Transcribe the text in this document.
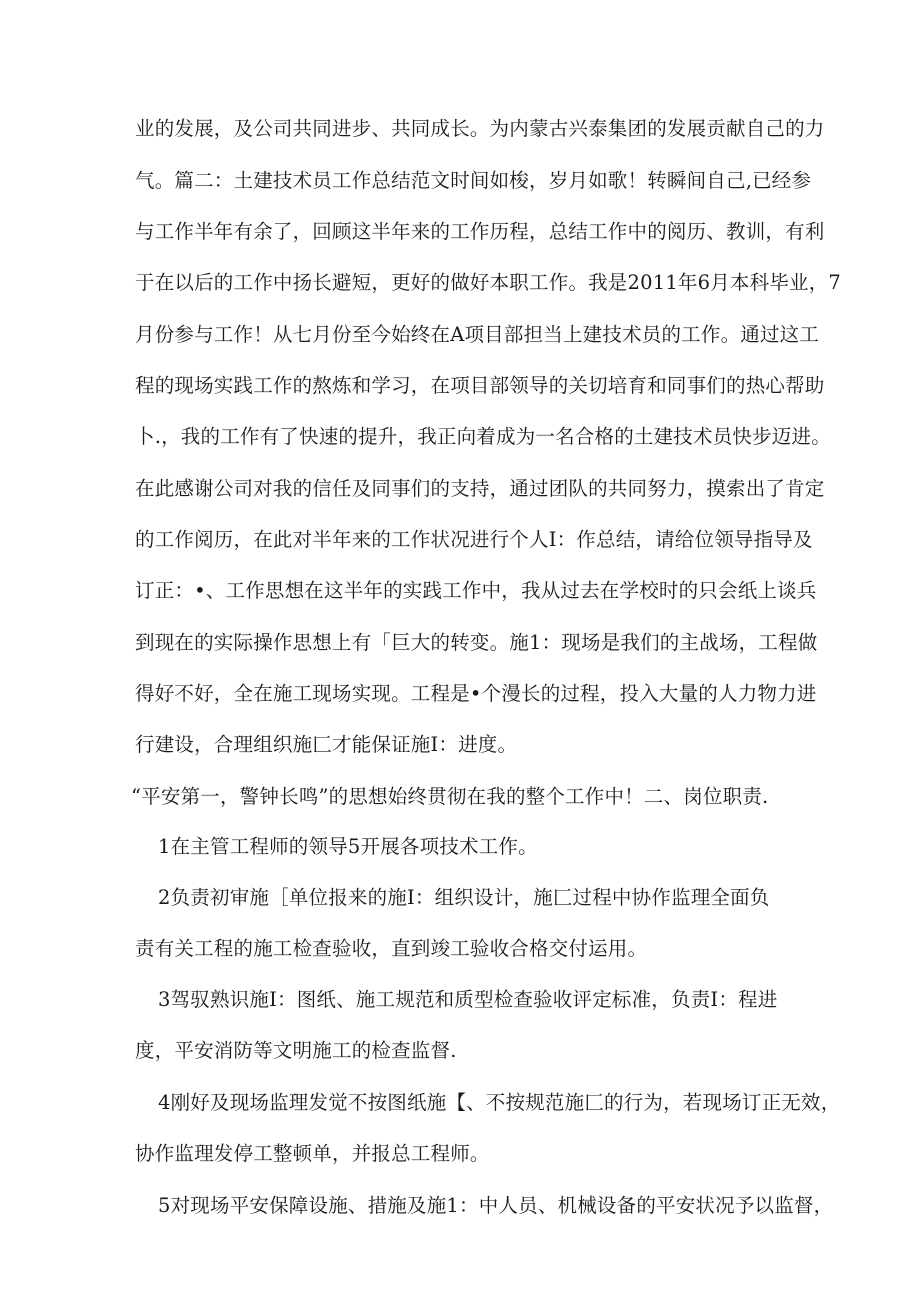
业的发展，及公司共同进步、共同成长。为内蒙古兴泰集团的发展贡献自己的力
气。篇二：土建技术员工作总结范文时间如梭，岁月如歌！转瞬间自己,已经参
与工作半年有余了，回顾这半年来的工作历程，总结工作中的阅历、教训，有利
于在以后的工作中扬长避短，更好的做好本职工作。我是2011年6月本科毕业，7
月份参与工作！从七月份至今始终在A项目部担当上建技术员的工作。通过这工
程的现场实践工作的熬炼和学习，在项目部领导的关切培育和同事们的热心帮助
卜.，我的工作有了快速的提升，我正向着成为一名合格的土建技术员快步迈进。
在此感谢公司对我的信任及同事们的支持，通过团队的共同努力，摸索出了肯定
的工作阅历，在此对半年来的工作状况进行个人I：作总结，请给位领导指导及
订正：•、工作思想在这半年的实践工作中，我从过去在学校时的只会纸上谈兵
到现在的实际操作思想上有「巨大的转变。施1：现场是我们的主战场，工程做
得好不好，全在施工现场实现。工程是•个漫长的过程，投入大量的人力物力进
行建设，合理组织施匚才能保证施I：进度。
“平安第一，警钟长鸣”的思想始终贯彻在我的整个工作中！二、岗位职责.
1在主管工程师的领导5开展各项技术工作。
2负责初审施［单位报来的施I：组织设计，施匚过程中协作监理全面负
责有关工程的施工检查验收，直到竣工验收合格交付运用。
3驾驭熟识施I：图纸、施工规范和质型检查验收评定标准，负责I：程进
度，平安消防等文明施工的检查监督.
4刚好及现场监理发觉不按图纸施【、不按规范施匚的行为，若现场订正无效，
协作监理发停工整顿单，并报总工程师。
5对现场平安保障设施、措施及施1：中人员、机械设备的平安状况予以监督，
